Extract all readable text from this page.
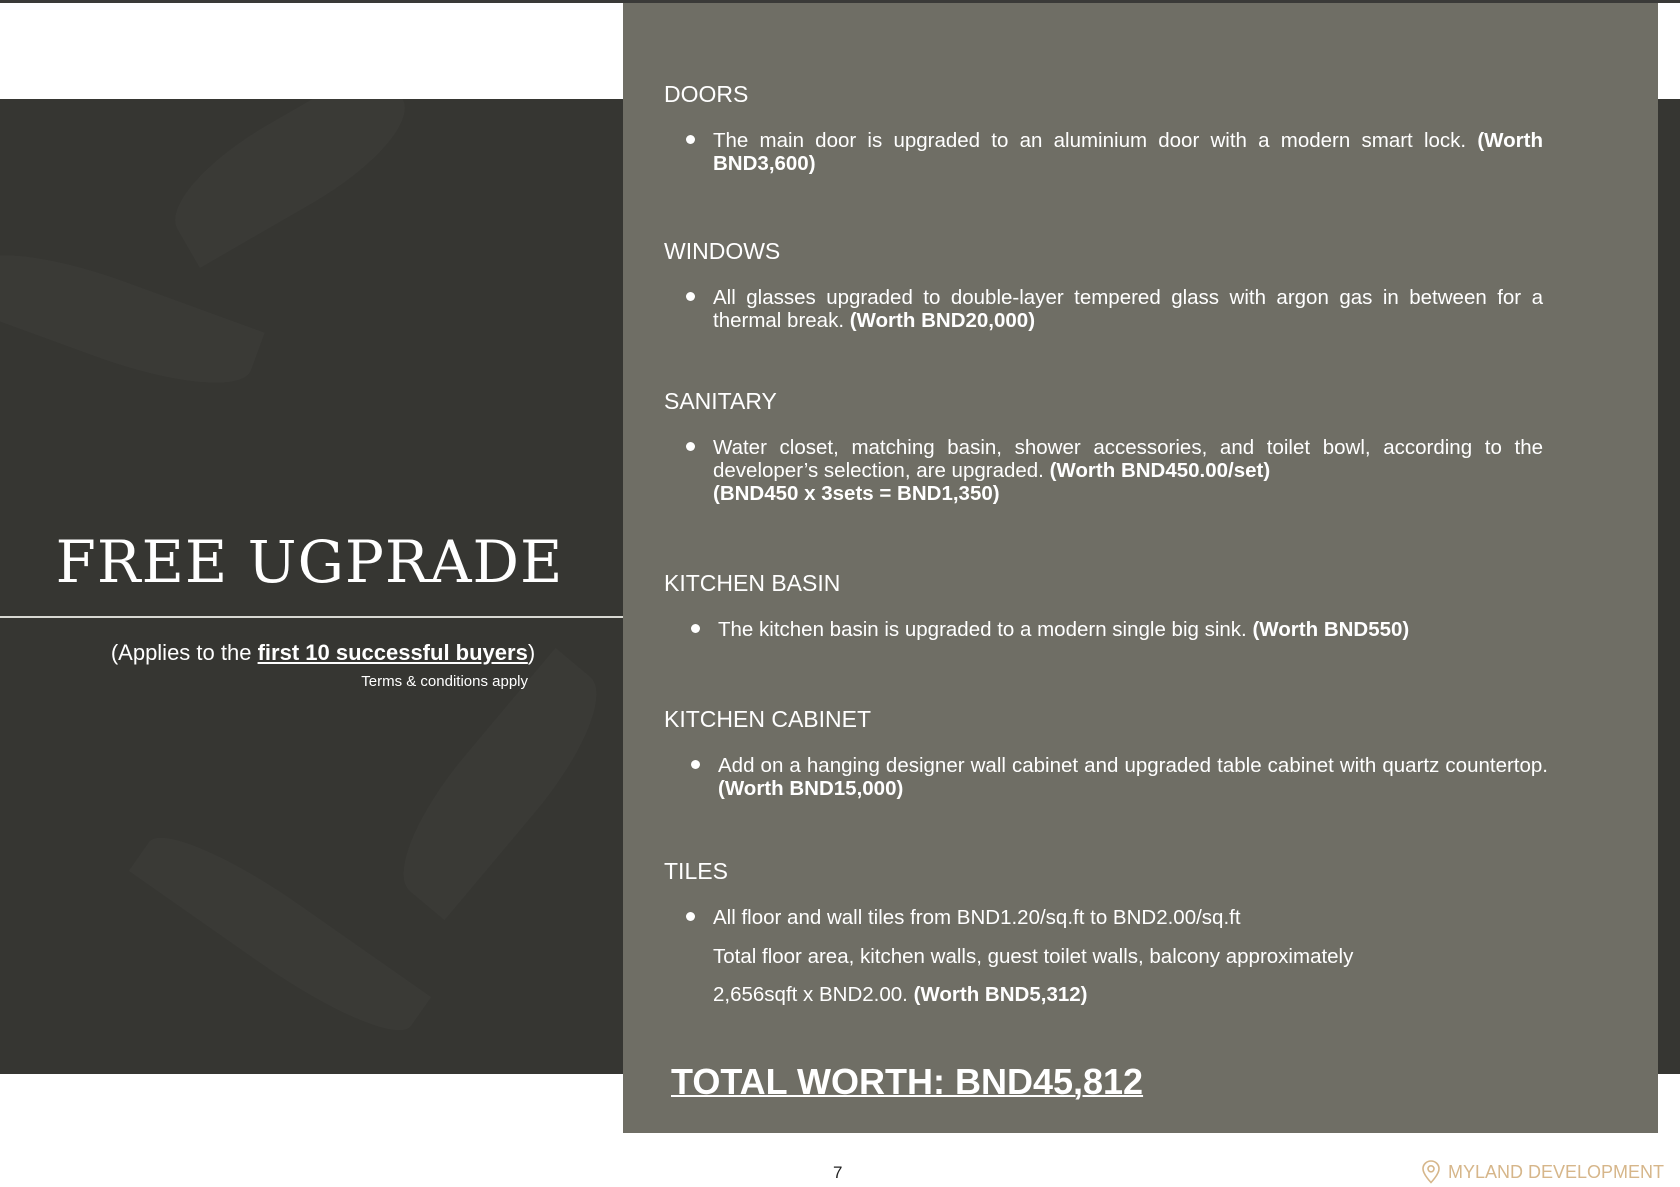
FREE UGPRADE
(Applies to the first 10 successful buyers)
Terms & conditions apply
DOORS
The main door is upgraded to an aluminium door with a modern smart lock. (Worth BND3,600)
WINDOWS
All glasses upgraded to double-layer tempered glass with argon gas in between for a thermal break. (Worth BND20,000)
SANITARY
Water closet, matching basin, shower accessories, and toilet bowl, according to the developer’s selection, are upgraded. (Worth BND450.00/set)
(BND450 x 3sets = BND1,350)
KITCHEN BASIN
The kitchen basin is upgraded to a modern single big sink. (Worth BND550)
KITCHEN CABINET
Add on a hanging designer wall cabinet and upgraded table cabinet with quartz countertop. (Worth BND15,000)
TILES
All floor and wall tiles from BND1.20/sq.ft to BND2.00/sq.ft
Total floor area, kitchen walls, guest toilet walls, balcony approximately
2,656sqft x BND2.00. (Worth BND5,312)
TOTAL WORTH: BND45,812
7	MYLAND DEVELOPMENT
